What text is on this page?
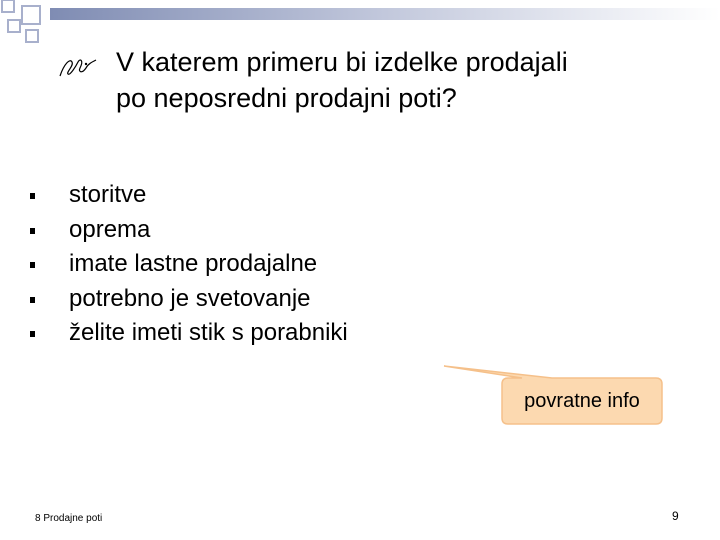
V katerem primeru bi izdelke prodajali
po neposredni prodajni poti?
storitve
oprema
imate lastne prodajalne
potrebno je svetovanje
želite imeti stik s porabniki
povratne info
8 Prodajne poti	9
